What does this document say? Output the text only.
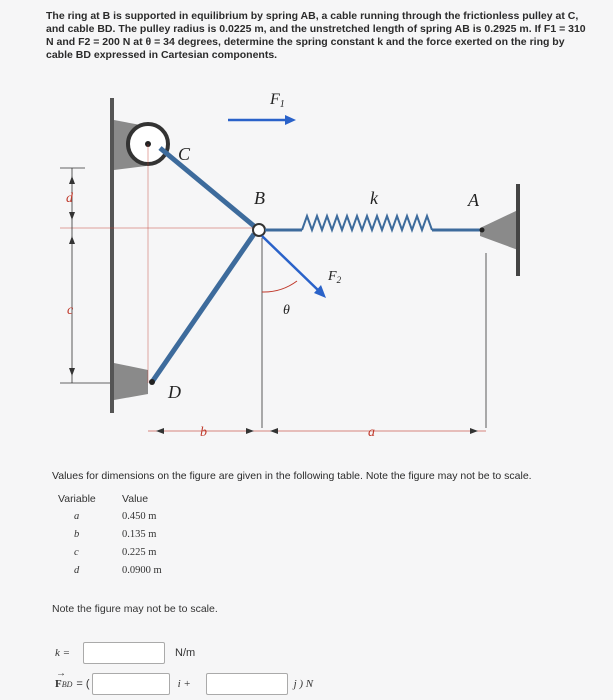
The ring at B is supported in equilibrium by spring AB, a cable running through the frictionless pulley at C, and cable BD. The pulley radius is 0.0225 m, and the unstretched length of spring AB is 0.2925 m. If F1 = 310 N and F2 = 200 N at θ = 34 degrees, determine the spring constant k and the force exerted on the ring by cable BD expressed in Cartesian components.
F1
$F_2$
θ
C
B	k	A
D
d
c
b	a
Values for dimensions on the figure are given in the following table. Note the figure may not be to scale.
Variable	Value
a	0.450 m
b	0.135 m
c	0.225 m
d	0.0900 m
Note the figure may not be to scale.
k =	N/m
→
FBD = (	i +	j ) N
